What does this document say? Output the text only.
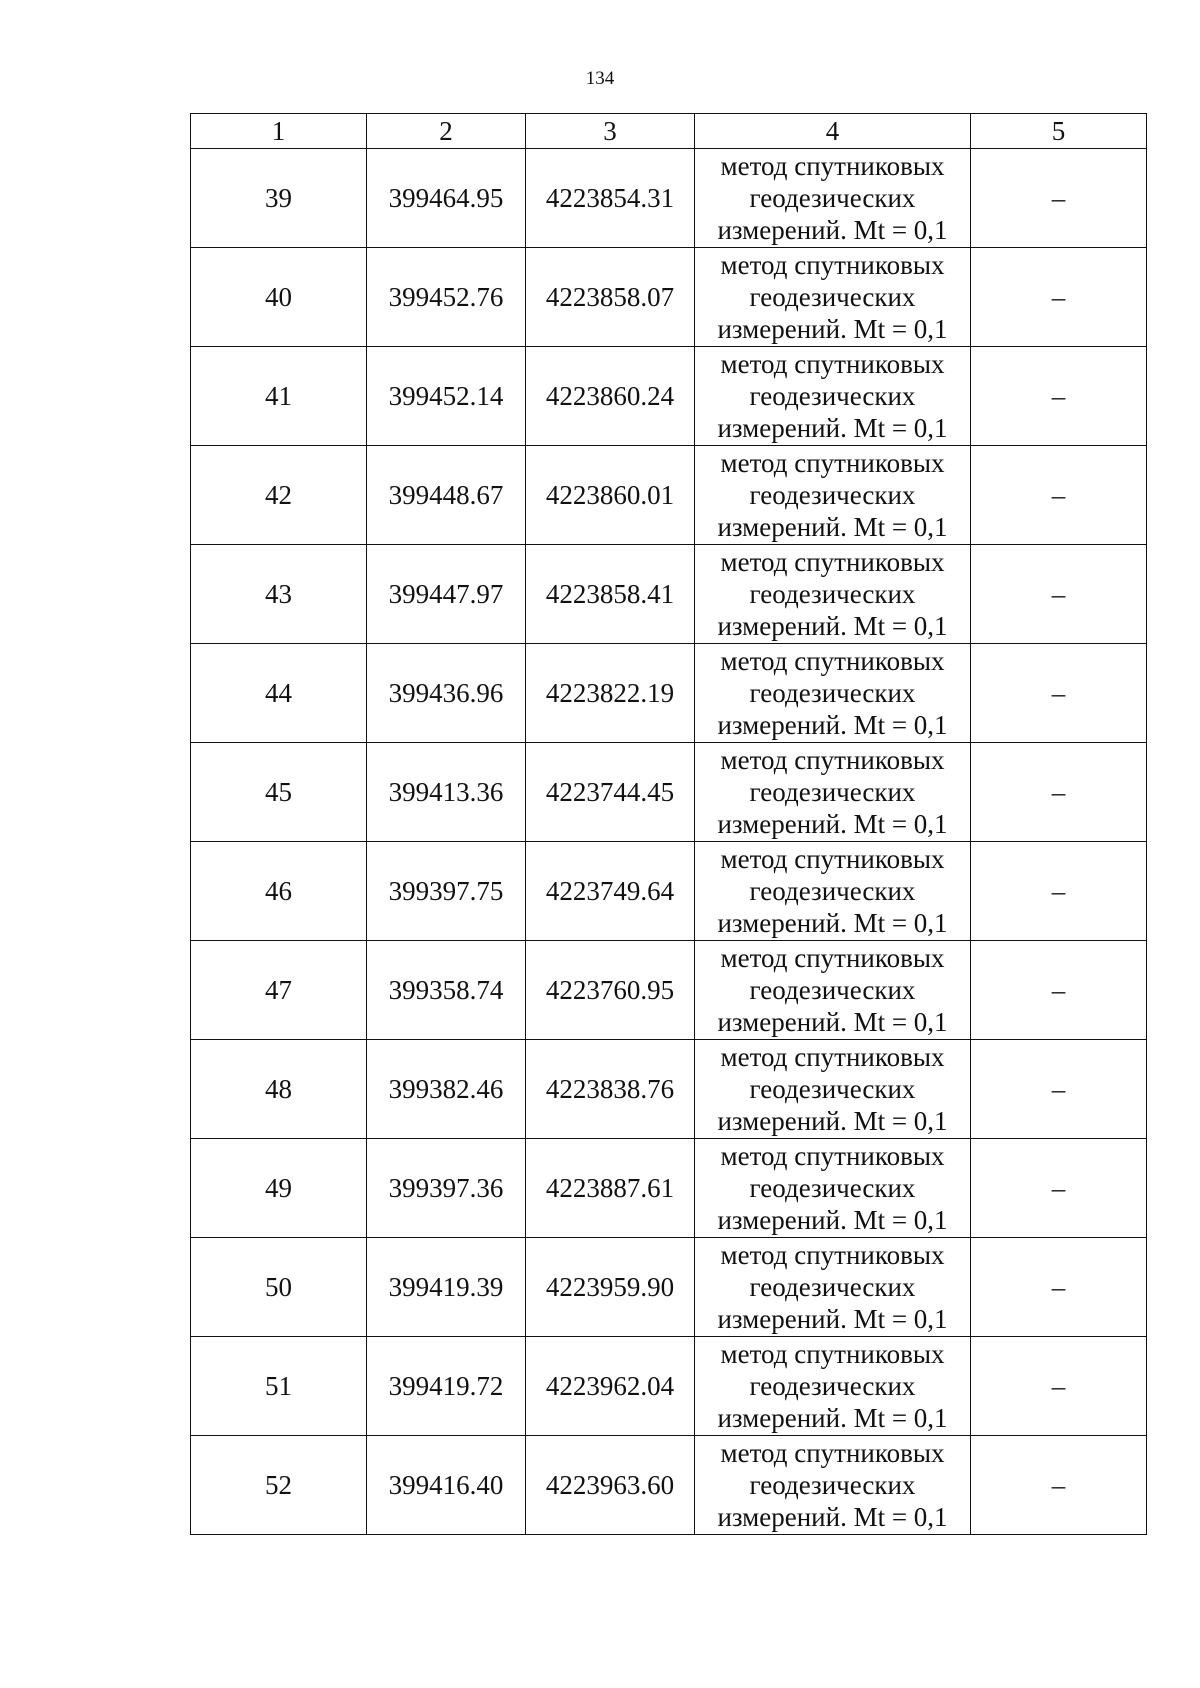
134
1	2	3	4	5
39	399464.95	4223854.31	метод спутниковых
геодезических
измерений. Mt = 0,1	–
40	399452.76	4223858.07	метод спутниковых
геодезических
измерений. Mt = 0,1	–
41	399452.14	4223860.24	метод спутниковых
геодезических
измерений. Mt = 0,1	–
42	399448.67	4223860.01	метод спутниковых
геодезических
измерений. Mt = 0,1	–
43	399447.97	4223858.41	метод спутниковых
геодезических
измерений. Mt = 0,1	–
44	399436.96	4223822.19	метод спутниковых
геодезических
измерений. Mt = 0,1	–
45	399413.36	4223744.45	метод спутниковых
геодезических
измерений. Mt = 0,1	–
46	399397.75	4223749.64	метод спутниковых
геодезических
измерений. Mt = 0,1	–
47	399358.74	4223760.95	метод спутниковых
геодезических
измерений. Mt = 0,1	–
48	399382.46	4223838.76	метод спутниковых
геодезических
измерений. Mt = 0,1	–
49	399397.36	4223887.61	метод спутниковых
геодезических
измерений. Mt = 0,1	–
50	399419.39	4223959.90	метод спутниковых
геодезических
измерений. Mt = 0,1	–
51	399419.72	4223962.04	метод спутниковых
геодезических
измерений. Mt = 0,1	–
52	399416.40	4223963.60	метод спутниковых
геодезических
измерений. Mt = 0,1	–
